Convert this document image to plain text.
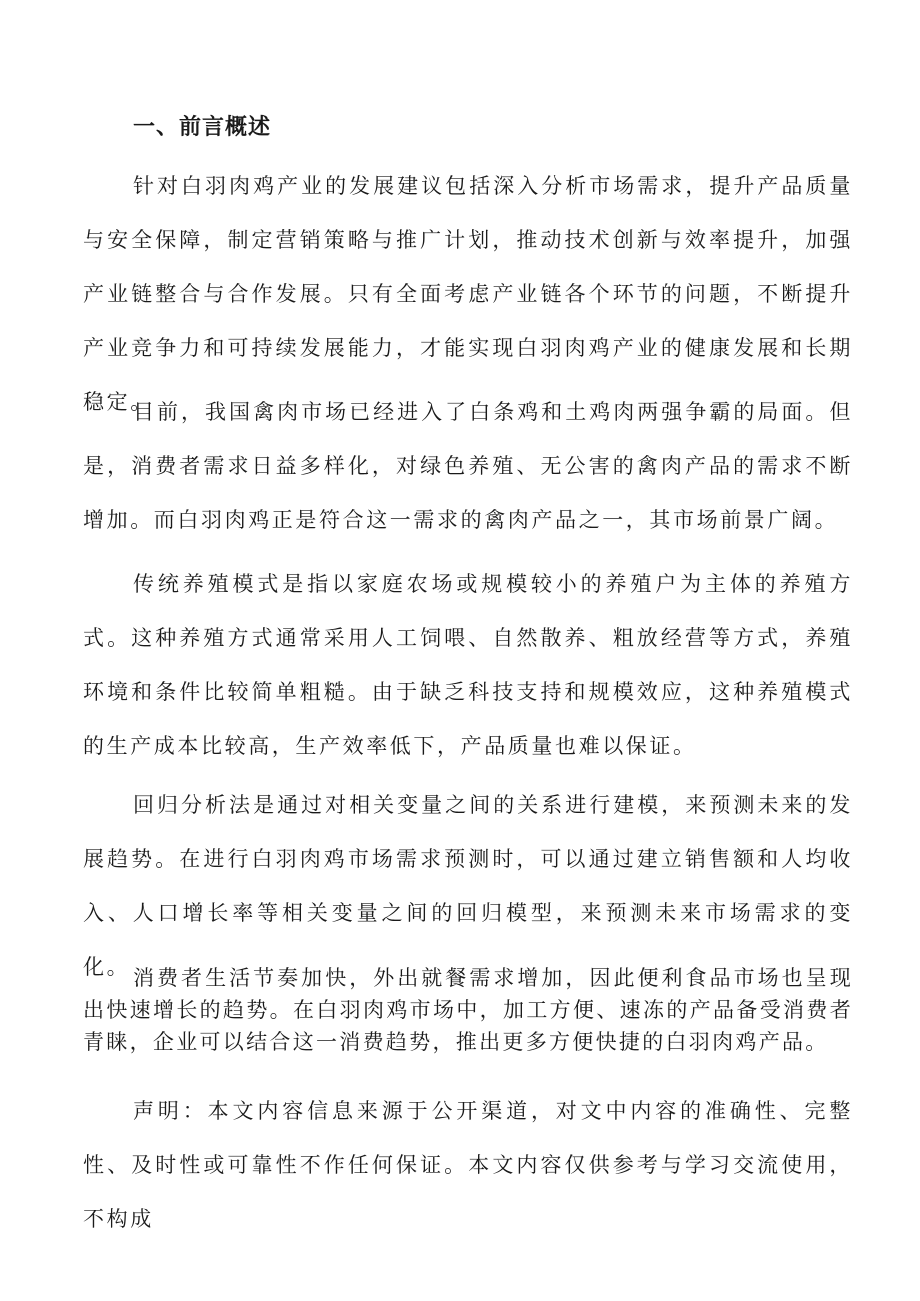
一、前言概述

针对白羽肉鸡产业的发展建议包括深入分析市场需求，提升产品质量与安全保障，制定营销策略与推广计划，推动技术创新与效率提升，加强产业链整合与合作发展。只有全面考虑产业链各个环节的问题，不断提升产业竞争力和可持续发展能力，才能实现白羽肉鸡产业的健康发展和长期稳定。

目前，我国禽肉市场已经进入了白条鸡和土鸡肉两强争霸的局面。但是，消费者需求日益多样化，对绿色养殖、无公害的禽肉产品的需求不断增加。而白羽肉鸡正是符合这一需求的禽肉产品之一，其市场前景广阔。

传统养殖模式是指以家庭农场或规模较小的养殖户为主体的养殖方式。这种养殖方式通常采用人工饲喂、自然散养、粗放经营等方式，养殖环境和条件比较简单粗糙。由于缺乏科技支持和规模效应，这种养殖模式的生产成本比较高，生产效率低下，产品质量也难以保证。

回归分析法是通过对相关变量之间的关系进行建模，来预测未来的发展趋势。在进行白羽肉鸡市场需求预测时，可以通过建立销售额和人均收入、人口增长率等相关变量之间的回归模型，来预测未来市场需求的变化。 消费者生活节奏加快，外出就餐需求增加，因此便利食品市场也呈现出快速增长的趋势。在白羽肉鸡市场中，加工方便、速冻的产品备受消费者青睐，企业可以结合这一消费趋势，推出更多方便快捷的白羽肉鸡产品。

声明：本文内容信息来源于公开渠道，对文中内容的准确性、完整性、及时性或可靠性不作任何保证。本文内容仅供参考与学习交流使用，不构成
